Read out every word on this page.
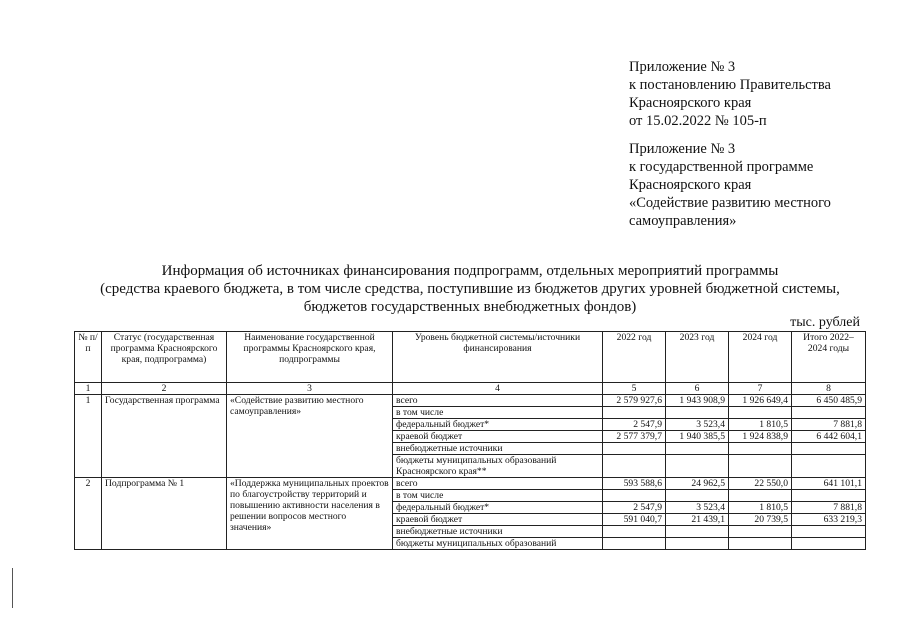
Приложение № 3
к постановлению Правительства
Красноярского края
от 15.02.2022 № 105-п
Приложение № 3
к государственной программе
Красноярского края
«Содействие развитию местного
самоуправления»
Информация об источниках финансирования подпрограмм, отдельных мероприятий программы
(средства краевого бюджета, в том числе средства, поступившие из бюджетов других уровней бюджетной системы,
бюджетов государственных внебюджетных фондов)
тыс. рублей
№ п/п	Статус (государственная программа Красноярского края, подпрограмма)	Наименование государственной программы Красноярского края, подпрограммы	Уровень бюджетной системы/источники финансирования	2022 год	2023 год	2024 год	Итого 2022–2024 годы
1	2	3	4	5	6	7	8
1	Государственная программа	«Содействие развитию местного самоуправления»	всего	2 579 927,6	1 943 908,9	1 926 649,4	6 450 485,9
			в том числе				
			федеральный бюджет*	2 547,9	3 523,4	1 810,5	7 881,8
			краевой бюджет	2 577 379,7	1 940 385,5	1 924 838,9	6 442 604,1
			внебюджетные источники				
			бюджеты муниципальных образований Красноярского края**				
2	Подпрограмма № 1	«Поддержка муниципальных проектов по благоустройству территорий и повышению активности населения в решении вопросов местного значения»	всего	593 588,6	24 962,5	22 550,0	641 101,1
			в том числе				
			федеральный бюджет*	2 547,9	3 523,4	1 810,5	7 881,8
			краевой бюджет	591 040,7	21 439,1	20 739,5	633 219,3
			внебюджетные источники				
			бюджеты муниципальных образований				
